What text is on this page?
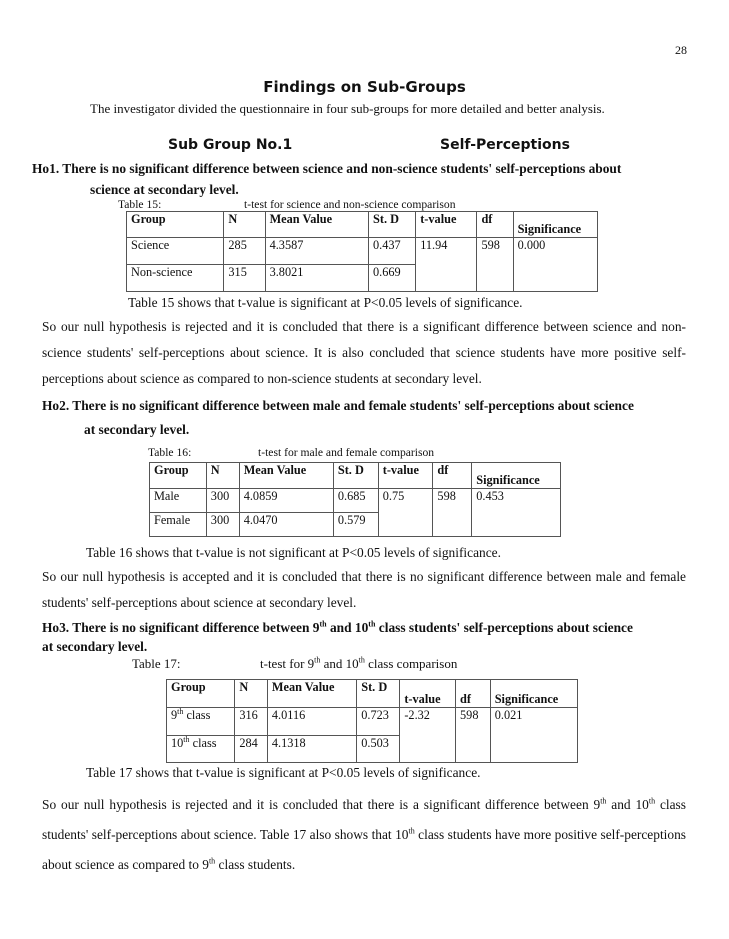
28
Findings on Sub-Groups
The investigator divided the questionnaire in four sub-groups for more detailed and better analysis.
Sub Group No.1	Self-Perceptions
Ho1. There is no significant difference between science and non-science students' self-perceptions about
science at secondary level.
Table 15:	t-test for science and non-science comparison
Group	N	Mean Value	St. D	t-value	df	Significance
Science	285	4.3587	0.437	11.94	598	0.000
Non-science	315	3.8021	0.669			
Table 15 shows that t-value is significant at P<0.05 levels of significance.
So our null hypothesis is rejected and it is concluded that there is a significant difference between science and non-science students' self-perceptions about science. It is also concluded that science students have more positive self-perceptions about science as compared to non-science students at secondary level.
Ho2. There is no significant difference between male and female students' self-perceptions about science
at secondary level.
Table 16:	t-test for male and female comparison
Group	N	Mean Value	St. D	t-value	df	Significance
Male	300	4.0859	0.685	0.75	598	0.453
Female	300	4.0470	0.579			
Table 16 shows that t-value is not significant at P<0.05 levels of significance.
So our null hypothesis is accepted and it is concluded that there is no significant difference between male and female students' self-perceptions about science at secondary level.
Ho3. There is no significant difference between 9th and 10th class students' self-perceptions about science
at secondary level.
Table 17:	t-test for 9th and 10th class comparison
Group	N	Mean Value	St. D	t-value	df	Significance
9th class	316	4.0116	0.723	-2.32	598	0.021
10th class	284	4.1318	0.503			
Table 17 shows that t-value is significant at P<0.05 levels of significance.
So our null hypothesis is rejected and it is concluded that there is a significant difference between 9th and 10th class students' self-perceptions about science. Table 17 also shows that 10th class students have more positive self-perceptions about science as compared to 9th class students.
